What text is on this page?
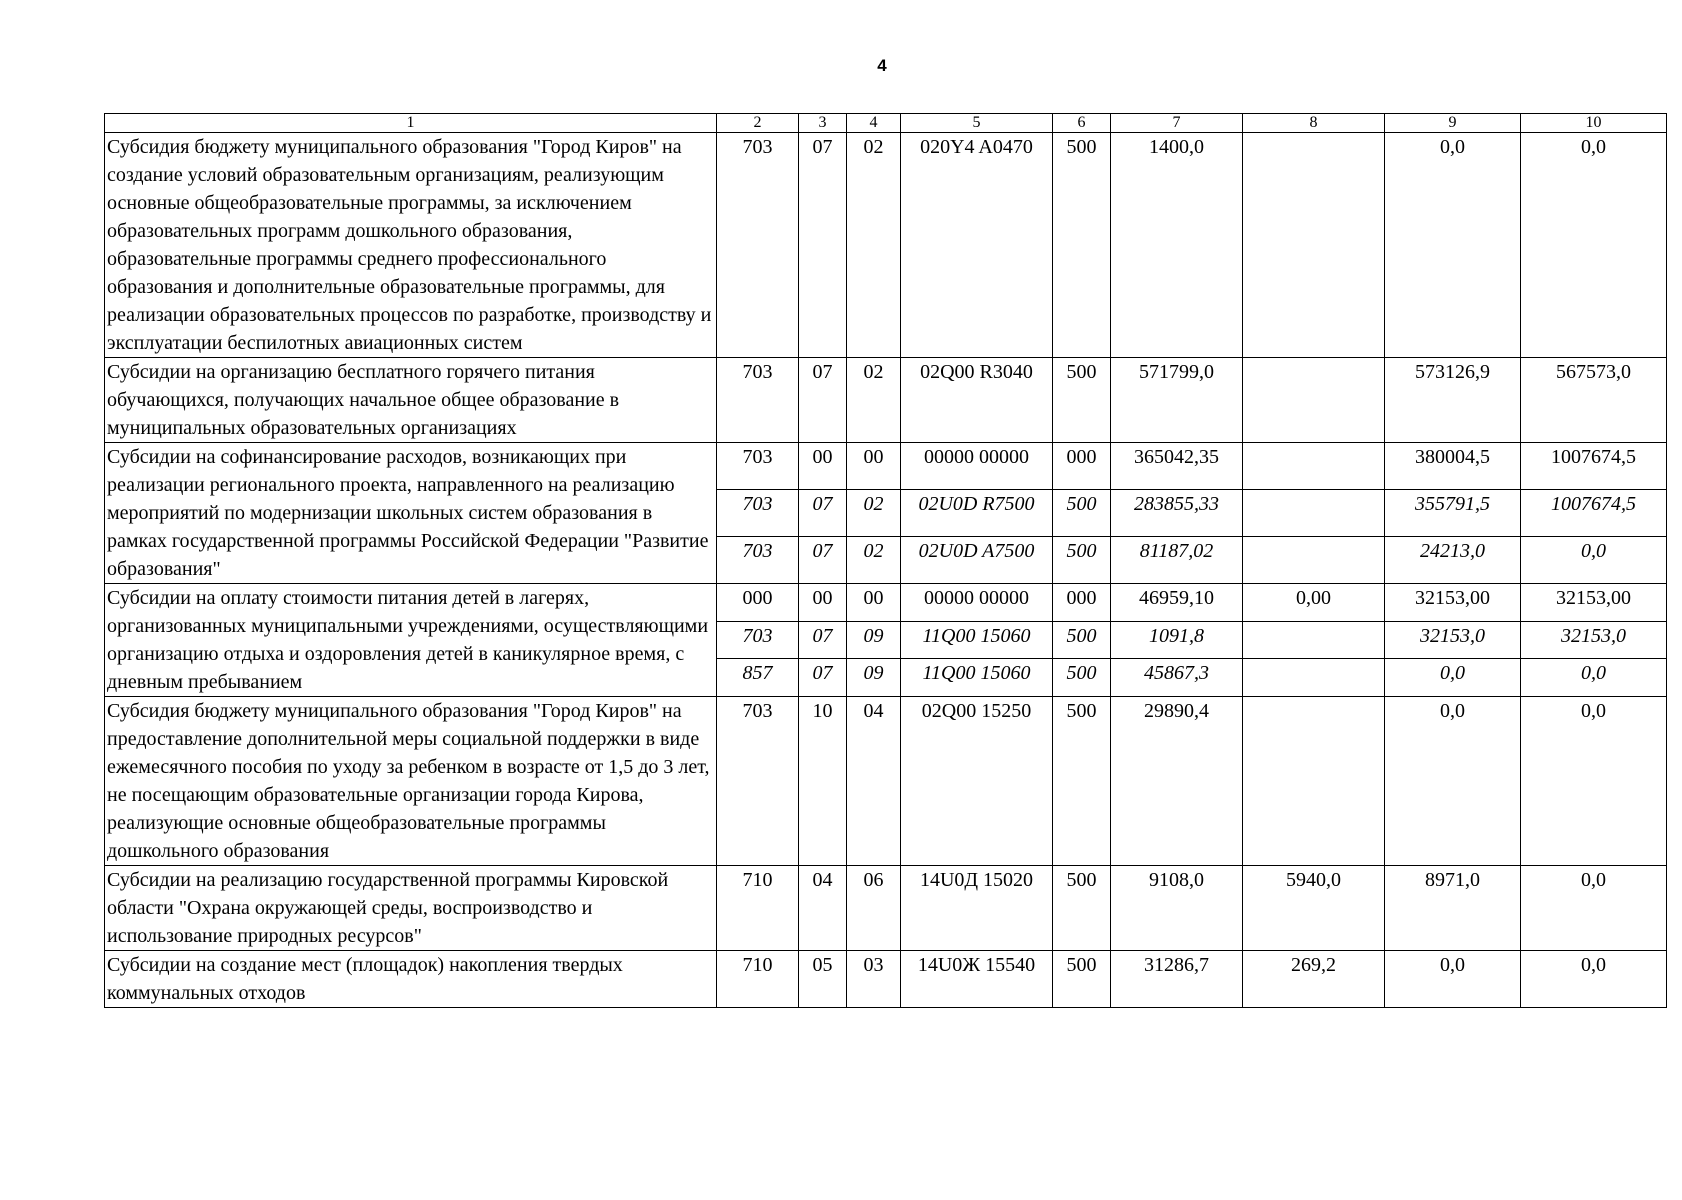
4
1	2	3	4	5	6	7	8	9	10
Субсидия бюджету муниципального образования "Город Киров" на создание условий образовательным организациям, реализующим основные общеобразовательные программы, за исключением образовательных программ дошкольного образования, образовательные программы среднего профессионального образования и дополнительные образовательные программы, для реализации образовательных процессов по разработке, производству и эксплуатации беспилотных авиационных систем	703	07	02	020Y4 A0470	500	1400,0		0,0	0,0
Субсидии на организацию бесплатного горячего питания обучающихся, получающих начальное общее образование в муниципальных образовательных организациях	703	07	02	02Q00 R3040	500	571799,0		573126,9	567573,0
Субсидии на софинансирование расходов, возникающих при реализации регионального проекта, направленного на реализацию мероприятий по модернизации школьных систем образования в рамках государственной программы Российской Федерации "Развитие образования"	703	00	00	00000 00000	000	365042,35		380004,5	1007674,5
	703	07	02	02U0D R7500	500	283855,33		355791,5	1007674,5
	703	07	02	02U0D A7500	500	81187,02		24213,0	0,0
Субсидии на оплату стоимости питания детей в лагерях, организованных муниципальными учреждениями, осуществляющими организацию отдыха и оздоровления детей в каникулярное время, с дневным пребыванием	000	00	00	00000 00000	000	46959,10	0,00	32153,00	32153,00
	703	07	09	11Q00 15060	500	1091,8		32153,0	32153,0
	857	07	09	11Q00 15060	500	45867,3		0,0	0,0
Субсидия бюджету муниципального образования "Город Киров" на предоставление дополнительной меры социальной поддержки в виде ежемесячного пособия по уходу за ребенком в возрасте от 1,5 до 3 лет, не посещающим образовательные организации города Кирова, реализующие основные общеобразовательные программы дошкольного образования	703	10	04	02Q00 15250	500	29890,4		0,0	0,0
Субсидии на реализацию государственной программы Кировской области "Охрана окружающей среды, воспроизводство и использование природных ресурсов"	710	04	06	14U0Д 15020	500	9108,0	5940,0	8971,0	0,0
Субсидии на создание мест (площадок) накопления твердых коммунальных отходов	710	05	03	14U0Ж 15540	500	31286,7	269,2	0,0	0,0
